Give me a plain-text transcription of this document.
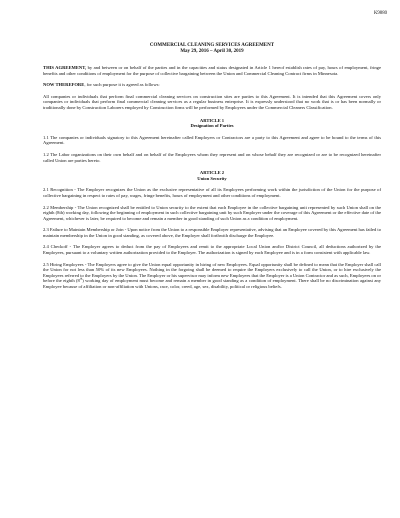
K9880
COMMERCIAL CLEANING SERVICES AGREEMENT
May 29, 2016 – April 30, 2019

THIS AGREEMENT, by and between or on behalf of the parties and in the capacities and status designated in Article 1 hereof establish rates of pay, hours of employment, fringe benefits and other conditions of employment for the purpose of collective bargaining between the Union and Commercial Cleaning Contract firms in Minnesota.

NOW THEREFORE, for such purpose it is agreed as follows:

All companies or individuals that perform final commercial cleaning services on construction sites are parties to this Agreement. It is intended that this Agreement covers only companies or individuals that perform final commercial cleaning services as a regular business enterprise. It is expressly understood that no work that is or has been normally or traditionally done by Construction Laborers employed by Construction firms will be performed by Employees under the Commercial Cleaners Classification.

ARTICLE 1
Designation of Parties

1.1 The companies or individuals signatory to this Agreement hereinafter called Employers or Contractors are a party to this Agreement and agree to be bound to the terms of this Agreement.

1.2 The Labor organizations on their own behalf and on behalf of the Employees whom they represent and on whose behalf they are recognized or are to be recognized hereinafter called Union are parties hereto.

ARTICLE 2
Union Security

2.1 Recognition - The Employer recognizes the Union as the exclusive representative of all its Employees performing work within the jurisdiction of the Union for the purpose of collective bargaining in respect to rates of pay, wages, fringe benefits, hours of employment and other conditions of employment.

2.2 Membership - The Union recognized shall be entitled to Union security to the extent that each Employee in the collective bargaining unit represented by such Union shall on the eighth (8th) working day, following the beginning of employment in such collective bargaining unit by such Employer under the coverage of this Agreement or the effective date of the Agreement, whichever is later, be required to become and remain a member in good standing of such Union as a condition of employment.

2.3 Failure to Maintain Membership or Join - Upon notice from the Union to a responsible Employer representative, advising that an Employee covered by this Agreement has failed to maintain membership in the Union in good standing, as covered above, the Employer shall forthwith discharge the Employee.

2.4 Checkoff - The Employer agrees to deduct from the pay of Employees and remit to the appropriate Local Union and/or District Council, all deductions authorized by the Employees, pursuant to a voluntary written authorization provided to the Employer. The authorization is signed by each Employee and is in a form consistent with applicable law.

2.5 Hiring Employees - The Employers agree to give the Union equal opportunity in hiring of new Employees. Equal opportunity shall be defined to mean that the Employer shall call the Union for not less than 50% of its new Employees. Nothing in the forgoing shall be deemed to require the Employers exclusively to call the Union, or to hire exclusively the Employees referred to the Employers by the Union. The Employer or his supervisor may inform new Employees that the Employer is a Union Contractor and as such, Employees on or before the eighth (8th) working day of employment must become and remain a member in good standing as a condition of employment. There shall be no discrimination against any Employee because of affiliation or non-affiliation with Unions, race, color, creed, age, sex, disability, political or religious beliefs.
